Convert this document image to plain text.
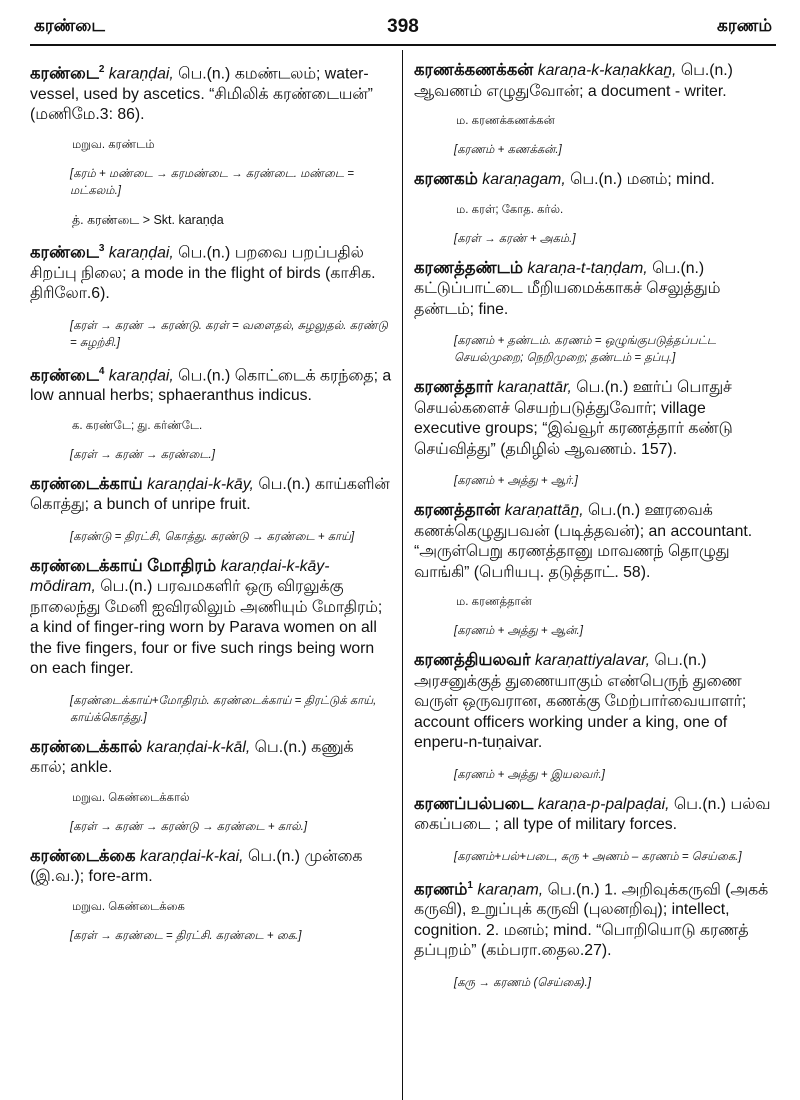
கரண்டை	398	கரணம்

கரண்டை$^2$ karaṇḍai, பெ.(n.) கமண்டலம்; water-vessel, used by ascetics. “சிமிலிக் கரண்டையன்” (மணிமே.3: 86).

மறுவ. கரண்டம்
[கரம் + மண்டை → கரமண்டை → கரண்டை. மண்டை = மட்கலம்.]
த். கரண்டை > Skt. karaṇḍa

கரண்டை$^3$ karaṇḍai, பெ.(n.) பறவை பறப்பதில் சிறப்பு நிலை; a mode in the flight of birds (காசிக. திரிலோ.6).

[கரள் → கரண் → கரண்டு. கரள் = வளைதல், சுழலுதல். கரண்டு = சுழற்சி.]

கரண்டை$^4$ karaṇḍai, பெ.(n.) கொட்டைக் கரந்தை; a low annual herbs; sphaeranthus indicus.

க. கரண்டே; து. கர்ண்டே.
[கரள் → கரண் → கரண்டை.]

கரண்டைக்காய் karaṇḍai-k-kāy, பெ.(n.) காய்களின் கொத்து; a bunch of unripe fruit.

[கரண்டு = திரட்சி, கொத்து. கரண்டு → கரண்டை + காய்]

கரண்டைக்காய் மோதிரம் karaṇḍai-k-kāy-mōdiram, பெ.(n.) பரவமகளிர் ஒரு விரலுக்கு நாலைந்து மேனி ஐவிரலிலும் அணியும் மோதிரம்; a kind of finger-ring worn by Parava women on all the five fingers, four or five such rings being worn on each finger.

[கரண்டைக்காய்+மோதிரம். கரண்டைக்காய் = திரட்டுக் காய், காய்க்கொத்து.]

கரண்டைக்கால் karaṇḍai-k-kāl, பெ.(n.) கணுக் கால்; ankle.

மறுவ. கெண்டைக்கால்
[கரள் → கரண் → கரண்டு → கரண்டை + கால்.]

கரண்டைக்கை karaṇḍai-k-kai, பெ.(n.) முன்கை (இ.வ.); fore-arm.

மறுவ. கெண்டைக்கை
[கரள் → கரண்டை = திரட்சி. கரண்டை + கை.]

கரணக்கணக்கன் karaṇa-k-kaṇakkaṉ, பெ.(n.) ஆவணம் எழுதுவோன்; a document - writer.

ம. கரணக்கணக்கன்
[கரணம் + கணக்கன்.]

கரணகம் karaṇagam, பெ.(n.) மனம்; mind.

ம. கரள்; கோத. கர்ல்.
[கரள் → கரண் + அகம்.]

கரணத்தண்டம் karaṇa-t-taṇḍam, பெ.(n.) கட்டுப்பாட்டை மீறியமைக்காகச் செலுத்தும் தண்டம்; fine.

[கரணம் + தண்டம். கரணம் = ஒழுங்குபடுத்தப்பட்ட செயல்முறை; நெறிமுறை; தண்டம் = தப்பு.]

கரணத்தார் karaṇattār, பெ.(n.) ஊர்ப் பொதுச் செயல்களைச் செயற்படுத்துவோர்; village executive groups; “இவ்வூர் கரணத்தார் கண்டு செய்வித்து” (தமிழில் ஆவணம். 157).

[கரணம் + அத்து + ஆர்.]

கரணத்தான் karaṇattāṉ, பெ.(n.) ஊரவைக் கணக்கெழுதுபவன் (படித்தவன்); an accountant. “அருள்பெறு கரணத்தானு மாவணந் தொழுது வாங்கி” (பெரியபு. தடுத்தாட். 58).

ம. கரணத்தான்
[கரணம் + அத்து + ஆன்.]

கரணத்தியலவர் karaṇattiyalavar, பெ.(n.) அரசனுக்குத் துணையாகும் எண்பெருந் துணை வருள் ஒருவரான, கணக்கு மேற்பார்வையாளர்; account officers working under a king, one of enperu-n-tuṇaivar.

[கரணம் + அத்து + இயலவர்.]

கரணப்பல்படை karaṇa-p-palpaḍai, பெ.(n.) பல்வ கைப்படை ; all type of military forces.

[கரணம்+பல்+படை, கரு + அணம் – கரணம் = செய்கை.]

கரணம்$^1$ karaṇam, பெ.(n.) 1. அறிவுக்கருவி (அகக் கருவி), உறுப்புக் கருவி (புலனறிவு); intellect, cognition. 2. மனம்; mind. “பொறியொடு கரணத் தப்புறம்” (கம்பரா.தைல.27).

[கரு → கரணம் (செய்கை).]
